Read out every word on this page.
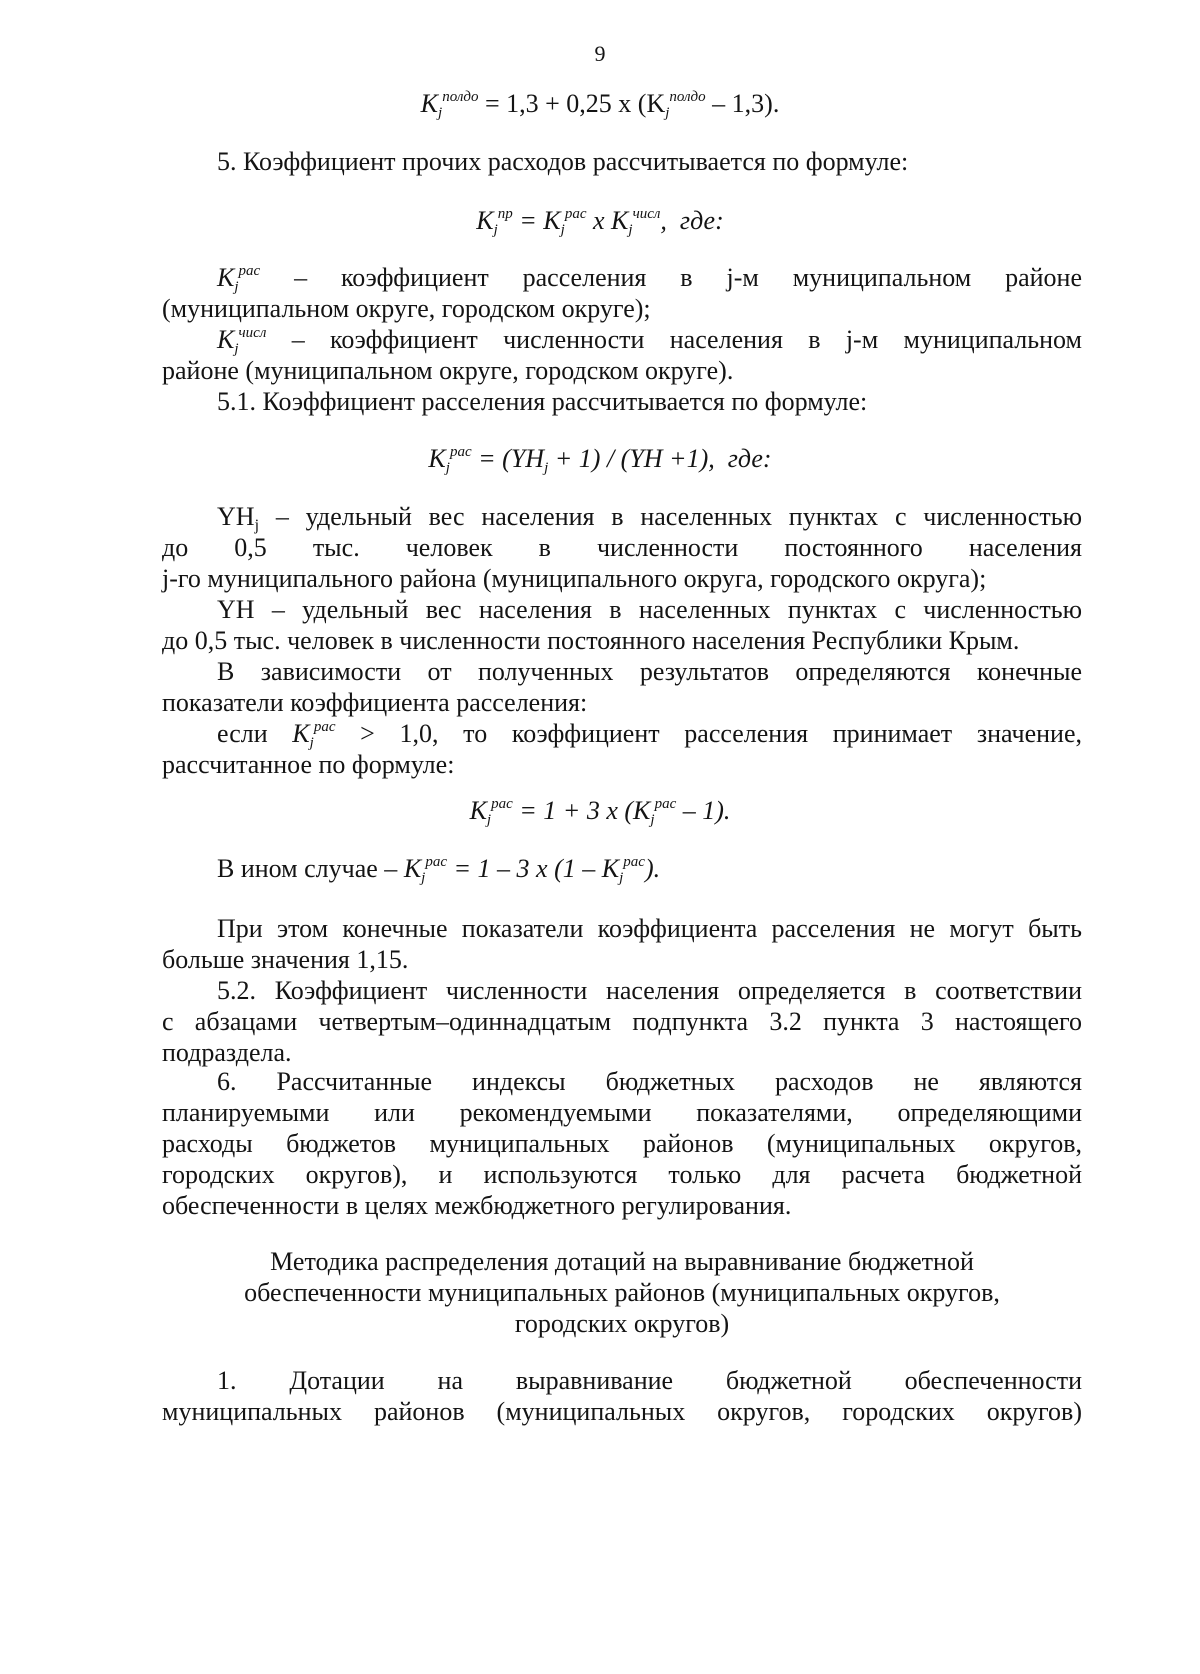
9
$K_j^{полдо} = 1,3 + 0,25$ х $(K_j^{полдо} - 1,3)$.
5. Коэффициент прочих расходов рассчитывается по формуле:
$K_j^{пр} = K_j^{рас}$ х $K_j^{числ}$,  где:
$K_j^{рас}$ – коэффициент расселения в j-м муниципальном районе
(муниципальном округе, городском округе);
$K_j^{числ}$ – коэффициент численности населения в j-м муниципальном
районе (муниципальном округе, городском округе).
5.1. Коэффициент расселения рассчитывается по формуле:
$K_j^{рас} = (YH_j + 1) / (YH +1)$,  где:
YHj – удельный вес населения в населенных пунктах с численностью
до 0,5 тыс. человек в численности постоянного населения
j-го муниципального района (муниципального округа, городского округа);
YH – удельный вес населения в населенных пунктах с численностью
до 0,5 тыс. человек в численности постоянного населения Республики Крым.
В зависимости от полученных результатов определяются конечные
показатели коэффициента расселения:
если $K_j^{рас} > 1,0$, то коэффициент расселения принимает значение,
рассчитанное по формуле:
$K_j^{рас} = 1 + 3$ х $(K_j^{рас} - 1)$.
В ином случае – $K_j^{рас} = 1 - 3$ х $(1 - K_j^{рас})$.
При этом конечные показатели коэффициента расселения не могут быть
больше значения 1,15.
5.2. Коэффициент численности населения определяется в соответствии
с абзацами четвертым–одиннадцатым подпункта 3.2 пункта 3 настоящего
подраздела.
6. Рассчитанные индексы бюджетных расходов не являются
планируемыми или рекомендуемыми показателями, определяющими
расходы бюджетов муниципальных районов (муниципальных округов,
городских округов), и используются только для расчета бюджетной
обеспеченности в целях межбюджетного регулирования.
Методика распределения дотаций на выравнивание бюджетной
обеспеченности муниципальных районов (муниципальных округов,
городских округов)
1. Дотации на выравнивание бюджетной обеспеченности
муниципальных районов (муниципальных округов, городских округов)
